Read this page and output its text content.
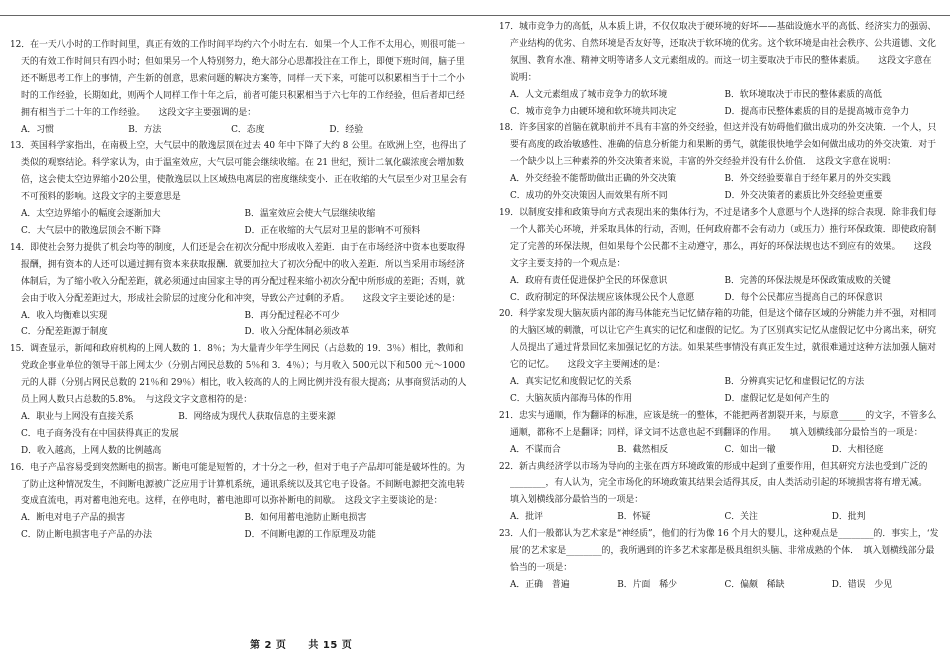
12．在一天八小时的工作时间里，真正有效的工作时间平均约六个小时左右．如果一个人工作不太用心，则很可能一天的有效工作时间只有四小时；但如果另一个人特别努力，绝大部分心思都投注在工作上，即便下班时间，脑子里还不断思考工作上的事情，产生新的创意，思索问题的解决方案等，同样一天下来，可能可以积累相当于十二个小时的工作经验，长期如此，则两个人同样工作十年之后，前者可能只积累相当于六七年的工作经验，但后者却已经拥有相当于二十年的工作经验。　　这段文字主要强调的是：

A．习惯	B．方法	C．态度	D．经验

13．英国科学家指出，在南极上空，大气层中的散逸层顶在过去 40 年中下降了大约 8 公里。在欧洲上空，也得出了类似的观察结论。科学家认为，由于温室效应，大气层可能会继续收缩。在 21 世纪，预计二氧化碳浓度会增加数倍，这会使太空边界缩小20公里，使散逸层以上区域热电离层的密度继续变小．正在收缩的大气层至少对卫星会有不可预料的影响。这段文字的主要意思是

A．太空边界缩小的幅度会逐渐加大	B．温室效应会使大气层继续收缩
C．大气层中的散逸层顶会不断下降	D．正在收缩的大气层对卫星的影响不可预料

14．即使社会努力提供了机会均等的制度，人们还是会在初次分配中形成收入差距．由于在市场经济中资本也要取得报酬，拥有资本的人还可以通过拥有资本来获取报酬．就要加拉大了初次分配中的收入差距．所以当采用市场经济体制后，为了缩小收入分配差距，就必须通过由国家主导的再分配过程来缩小初次分配中所形成的差距；否则，就会由于收入分配差距过大，形成社会阶层的过度分化和冲突，导致公产过剩的矛盾。　　这段文字主要论述的是：

A．收入均衡难以实现	B．再分配过程必不可少
C．分配差距源于制度	D．收入分配体制必须改革

15．调查显示，新闻和政府机构的上网人数的 1．8％；为大量青少年学生网民（占总数的 19．3％）相比，教师和党政企事业单位的领导干部上网太少（分别占网民总数的 5％和 3．4％）；与月收入 500元以下和500 元～1000元的人群（分别占网民总数的 21％和 29％）相比，收入较高的人的上网比例并没有很大提高；从事商贸活动的人员上网人数只占总数的5.8%。　与这段文字文意相符的是：

A．职业与上网没有直接关系　　　　　B．网络成为现代人获取信息的主要来源
C．电子商务没有在中国获得真正的发展
D．收入越高，上网人数的比例越高

16．电子产品容易受到突然断电的损害。断电可能是短暂的，才十分之一秒，但对于电子产品却可能是破坏性的。为了防止这种情况发生，不间断电源被广泛应用于计算机系统，通讯系统以及其它电子设备。不间断电源把交流电转变成直流电，再对蓄电池充电。这样，在停电时，蓄电池即可以弥补断电的间歇。　这段文字主要谈论的是：

A．断电对电子产品的损害	B．如何用蓄电池防止断电损害
C．防止断电损害电子产品的办法	D．不间断电源的工作原理及功能

17．城市竞争力的高低，从本质上讲，不仅仅取决于硬环境的好坏——基础设施水平的高低、经济实力的强弱、产业结构的优劣、自然环境是否友好等，还取决于软环境的优劣。这个软环境是由社会秩序、公共道德、文化氛围、教育水准、精神文明等诸多人文元素组成的。而这一切主要取决于市民的整体素质。　　这段文字意在说明：

A．人文元素组成了城市竞争力的软环境	B．软环境取决于市民的整体素质的高低
C．城市竞争力由硬环境和软环境共同决定	D．提高市民整体素质的目的是提高城市竞争力

18．许多国家的首脑在就职前并不具有丰富的外交经验，但这并没有妨碍他们做出成功的外交决策．一个人，只要有高度的政治敏感性、准确的信息分析能力和果断的勇气，就能很快地学会如何做出成功的外交决策．对于一个缺少以上三种素养的外交决策者来说，丰富的外交经验并没有什么价值．　这段文字意在说明：

A．外交经验不能帮助做出正确的外交决策	B．外交经验要靠自于经年累月的外交实践
C．成功的外交决策因人而效果有所不同	D．外交决策者的素质比外交经验更重要

19．以制度安排和政策导向方式表现出来的集体行为，不过是诸多个人意愿与个人选择的综合表现．除非我们每一个人都关心环境，并采取具体的行动，否则，任何政府都不会有动力（或压力）推行环保政策．即使政府制定了完善的环保法规，但如果每个公民都不主动遵守，那么，再好的环保法规也达不到应有的效果。　　这段文字主要支持的一个观点是：

A．政府有责任促进保护全民的环保意识	B．完善的环保法规是环保政策成败的关键
C．政府制定的环保法规应该体现公民个人意愿	D．每个公民都应当提高自己的环保意识

20．科学家发现大脑灰质内部的海马体能充当记忆储存箱的功能，但是这个储存区域的分辨能力并不强，对相同的大脑区域的刺激，可以让它产生真实的记忆和虚假的记忆。为了区别真实记忆从虚假记忆中分离出来，研究人员提出了通过背景回忆来加强记忆的方法。如果某些事情没有真正发生过，就很难通过这种方法加强人脑对它的记忆。　　这段文字主要阐述的是：

A．真实记忆和度假记忆的关系	B．分辨真实记忆和虚假记忆的方法
C．大脑灰质内部海马体的作用	D．虚假记忆是如何产生的

21．忠实与通顺，作为翻译的标准，应该是统一的整体，不能把两者割裂开来，与原意______的文字，不管多么通顺，都称不上是翻译；同样，译文词不达意也起不到翻译的作用。　　填入划横线部分最恰当的一项是：

A．不谋而合	B．截然相反	C．如出一辙	D．大相径庭

22．新古典经济学以市场为导向的主张在西方环境政策的形成中起到了重要作用，但其研究方法也受到广泛的________，有人认为，完全市场化的环境政策其结果会适得其反，由人类活动引起的环境损害将有增无减。　填入划横线部分最恰当的一项是：

A．批评	B．怀疑	C．关注	D．批判

23．人们一般都认为艺术家是“神经质”，他们的行为像 16 个月大的婴儿，这种观点是________的．事实上，‘发展’的艺术家是________的，我所遇到的许多艺术家都是极具组织头脑、非常成熟的个体．　填入划横线部分最恰当的一项是：

A．正确　普遍	B．片面　稀少	C．偏颇　稀缺	D．错误　少见
第 2 页 共 15 页
